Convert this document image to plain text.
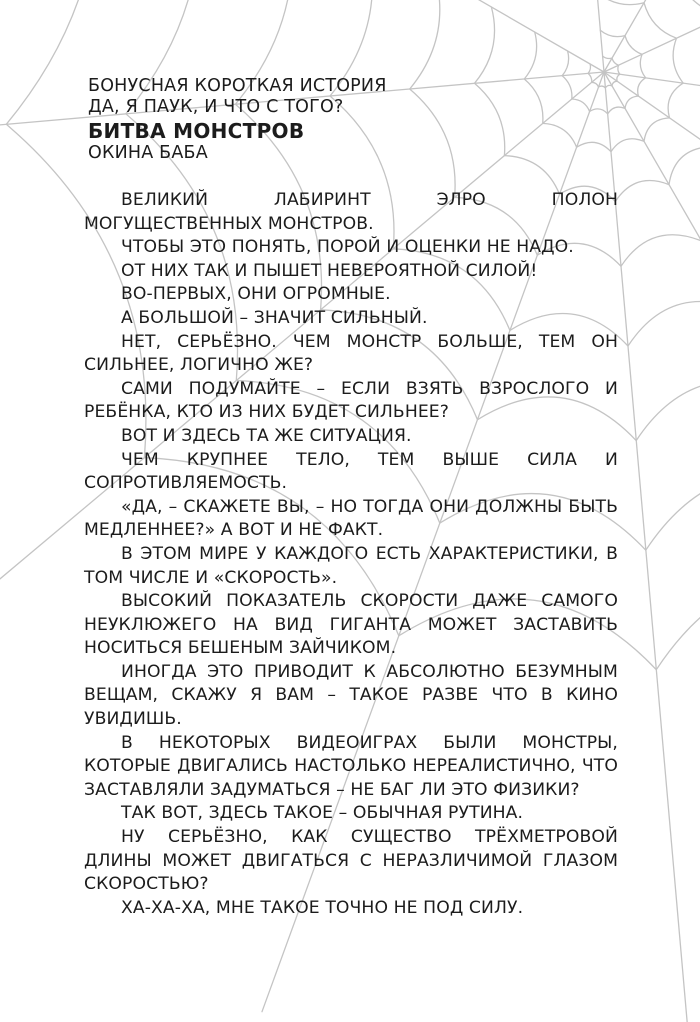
БОНУСНАЯ КОРОТКАЯ ИСТОРИЯ
ДА, Я ПАУК, И ЧТО С ТОГО?
БИТВА МОНСТРОВ
ОКИНА БАБА

ВЕЛИКИЙ ЛАБИРИНТ ЭЛРО ПОЛОН МОГУЩЕСТВЕННЫХ МОНСТРОВ.

ЧТОБЫ ЭТО ПОНЯТЬ, ПОРОЙ И ОЦЕНКИ НЕ НАДО.

ОТ НИХ ТАК И ПЫШЕТ НЕВЕРОЯТНОЙ СИЛОЙ!

ВО-ПЕРВЫХ, ОНИ ОГРОМНЫЕ.

А БОЛЬШОЙ – ЗНАЧИТ СИЛЬНЫЙ.

НЕТ, СЕРЬЁЗНО. ЧЕМ МОНСТР БОЛЬШЕ, ТЕМ ОН СИЛЬНЕЕ, ЛОГИЧНО ЖЕ?

САМИ ПОДУМАЙТЕ – ЕСЛИ ВЗЯТЬ ВЗРОСЛОГО И РЕБЁНКА, КТО ИЗ НИХ БУДЕТ СИЛЬНЕЕ?

ВОТ И ЗДЕСЬ ТА ЖЕ СИТУАЦИЯ.

ЧЕМ КРУПНЕЕ ТЕЛО, ТЕМ ВЫШЕ СИЛА И СОПРОТИВЛЯЕМОСТЬ.

«ДА, – СКАЖЕТЕ ВЫ, – НО ТОГДА ОНИ ДОЛЖНЫ БЫТЬ МЕДЛЕННЕЕ?» А ВОТ И НЕ ФАКТ.

В ЭТОМ МИРЕ У КАЖДОГО ЕСТЬ ХАРАКТЕРИСТИКИ, В ТОМ ЧИСЛЕ И «СКОРОСТЬ».

ВЫСОКИЙ ПОКАЗАТЕЛЬ СКОРОСТИ ДАЖЕ САМОГО НЕУКЛЮЖЕГО НА ВИД ГИГАНТА МОЖЕТ ЗАСТАВИТЬ НОСИТЬСЯ БЕШЕНЫМ ЗАЙЧИКОМ.

ИНОГДА ЭТО ПРИВОДИТ К АБСОЛЮТНО БЕЗУМНЫМ ВЕЩАМ, СКАЖУ Я ВАМ – ТАКОЕ РАЗВЕ ЧТО В КИНО УВИДИШЬ.

В НЕКОТОРЫХ ВИДЕОИГРАХ БЫЛИ МОНСТРЫ, КОТОРЫЕ ДВИГАЛИСЬ НАСТОЛЬКО НЕРЕАЛИСТИЧНО, ЧТО ЗАСТАВЛЯЛИ ЗАДУМАТЬСЯ – НЕ БАГ ЛИ ЭТО ФИЗИКИ?

ТАК ВОТ, ЗДЕСЬ ТАКОЕ – ОБЫЧНАЯ РУТИНА.

НУ СЕРЬЁЗНО, КАК СУЩЕСТВО ТРЁХМЕТРОВОЙ ДЛИНЫ МОЖЕТ ДВИГАТЬСЯ С НЕРАЗЛИЧИМОЙ ГЛАЗОМ СКОРОСТЬЮ?

ХА-ХА-ХА, МНЕ ТАКОЕ ТОЧНО НЕ ПОД СИЛУ.
